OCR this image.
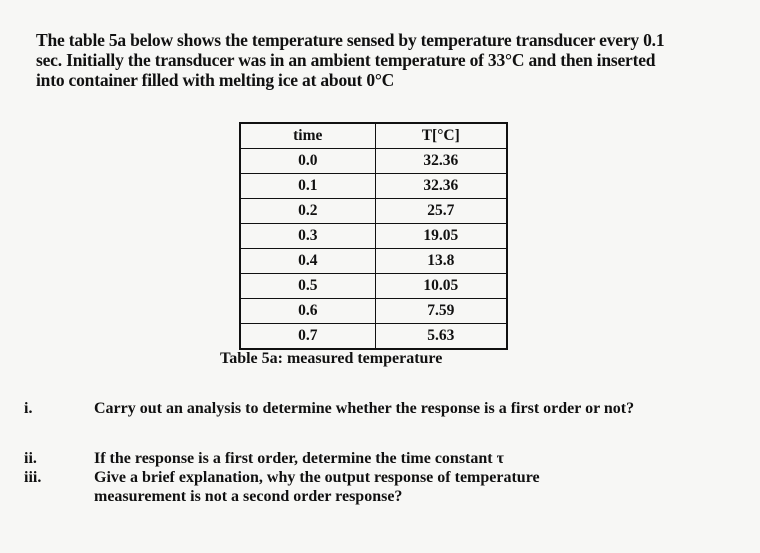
The table 5a below shows the temperature sensed by temperature transducer every 0.1

sec. Initially the transducer was in an ambient temperature of 33°C and then inserted

into container filled with melting ice at about 0°C

time	T[°C]
0.0	32.36
0.1	32.36
0.2	25.7
0.3	19.05
0.4	13.8
0.5	10.05
0.6	7.59
0.7	5.63
Table 5a: measured temperature
i.	Carry out an analysis to determine whether the response is a first order or not?
ii.	If the response is a first order, determine the time constant τ
iii.	Give a brief explanation, why the output response of temperature measurement is not a second order response?
